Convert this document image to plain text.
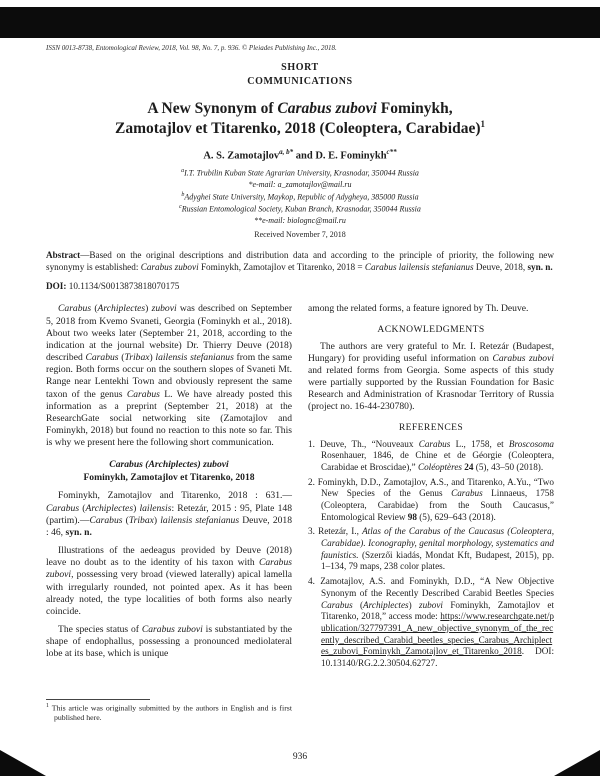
ISSN 0013-8738, Entomological Review, 2018, Vol. 98, No. 7, p. 936. © Pleiades Publishing Inc., 2018.
SHORT
COMMUNICATIONS
A New Synonym of Carabus zubovi Fominykh,
Zamotajlov et Titarenko, 2018 (Coleoptera, Carabidae)$^1$
A. S. Zamotajlov$^{a, b*}$ and D. E. Fominykh$^{c**}$
$^a$I.T. Trubilin Kuban State Agrarian University, Krasnodar, 350044 Russia
*e-mail: a_zamotajlov@mail.ru
$^b$Adyghei State University, Maykop, Republic of Adygheya, 385000 Russia
$^c$Russian Entomological Society, Kuban Branch, Krasnodar, 350044 Russia
**e-mail: biolognc@mail.ru
Received November 7, 2018
Abstract—Based on the original descriptions and distribution data and according to the principle of priority, the following new synonymy is established: Carabus zubovi Fominykh, Zamotajlov et Titarenko, 2018 = Carabus lailensis stefanianus Deuve, 2018, syn. n.
DOI: 10.1134/S0013873818070175
Carabus (Archiplectes) zubovi was described on September 5, 2018 from Kvemo Svaneti, Georgia (Fominykh et al., 2018). About two weeks later (September 21, 2018, according to the indication at the journal website) Dr. Thierry Deuve (2018) described Carabus (Tribax) lailensis stefanianus from the same region. Both forms occur on the southern slopes of Svaneti Mt. Range near Lentekhi Town and obviously represent the same taxon of the genus Carabus L. We have already posted this information as a preprint (September 21, 2018) at the ResearchGate social networking site (Zamotajlov and Fominykh, 2018) but found no reaction to this note so far. This is why we present here the following short communication.
Carabus (Archiplectes) zubovi
Fominykh, Zamotajlov et Titarenko, 2018
Fominykh, Zamotajlov and Titarenko, 2018 : 631.—Carabus (Archiplectes) lailensis: Retezár, 2015 : 95, Plate 148 (partim).—Carabus (Tribax) lailensis stefanianus Deuve, 2018 : 46, syn. n.
Illustrations of the aedeagus provided by Deuve (2018) leave no doubt as to the identity of his taxon with Carabus zubovi, possessing very broad (viewed laterally) apical lamella with irregularly rounded, not pointed apex. As it has been already noted, the type localities of both forms also nearly coincide.
The species status of Carabus zubovi is substantiated by the shape of endophallus, possessing a pronounced mediolateral lobe at its base, which is unique
$^1$ This article was originally submitted by the authors in English and is first published here.
among the related forms, a feature ignored by Th. Deuve.
ACKNOWLEDGMENTS
The authors are very grateful to Mr. I. Retezár (Budapest, Hungary) for providing useful information on Carabus zubovi and related forms from Georgia. Some aspects of this study were partially supported by the Russian Foundation for Basic Research and Administration of Krasnodar Territory of Russia (project no. 16-44-230780).
REFERENCES
1. Deuve, Th., “Nouveaux Carabus L., 1758, et Broscosoma Rosenhauer, 1846, de Chine et de Géorgie (Coleoptera, Carabidae et Broscidae),” Coléoptères 24 (5), 43–50 (2018).
2. Fominykh, D.D., Zamotajlov, A.S., and Titarenko, A.Yu., “Two New Species of the Genus Carabus Linnaeus, 1758 (Coleoptera, Carabidae) from the South Caucasus,” Entomological Review 98 (5), 629–643 (2018).
3. Retezár, I., Atlas of the Carabus of the Caucasus (Coleoptera, Carabidae). Iconography, genital morphology, systematics and faunistics. (Szerzői kiadás, Mondat Kft, Budapest, 2015), pp. 1–134, 79 maps, 238 color plates.
4. Zamotajlov, A.S. and Fominykh, D.D., “A New Objective Synonym of the Recently Described Carabid Beetles Species Carabus (Archiplectes) zubovi Fominykh, Zamotajlov et Titarenko, 2018,” access mode: https://www.researchgate.net/publication/327797391_A_new_objective_synonym_of_the_recently_described_Carabid_beetles_species_Carabus_Archiplectes_zubovi_Fominykh_Zamotajlov_et_Titarenko_2018. DOI: 10.13140/RG.2.2.30504.62727.
936
